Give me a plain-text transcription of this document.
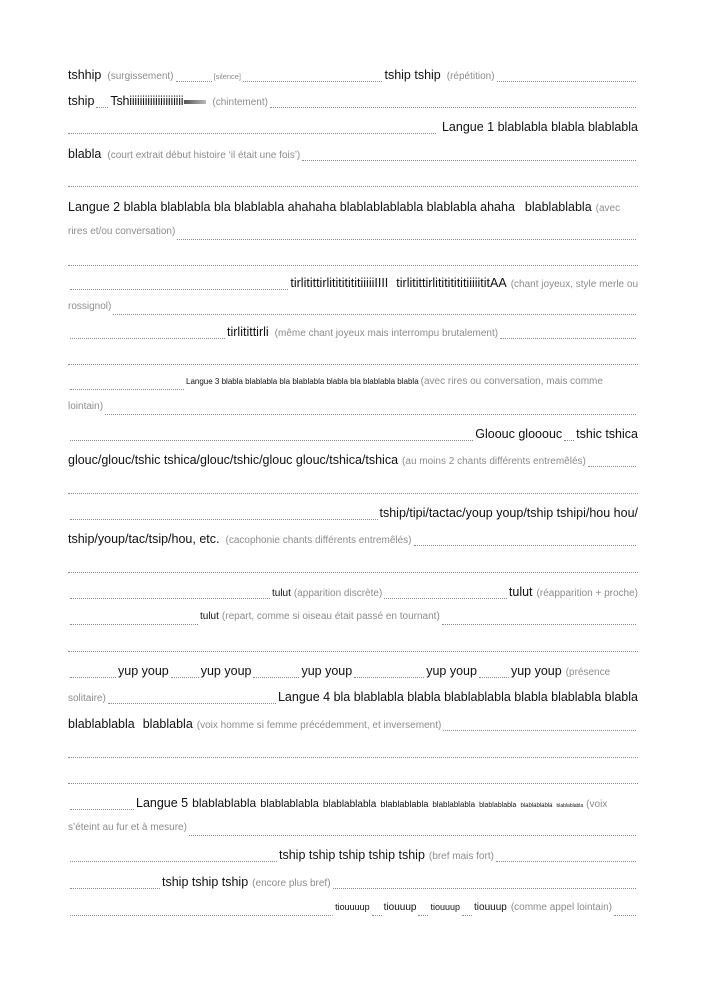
tshhip (surgissement)	[silence]	tship tship (répétition)
tship Tshiiiiiiiiiiiiiiiiiiiii	(chintement)
Langue 1 blablabla blabla blablabla
blabla (court extrait début histoire ‘il était une fois’)
Langue 2 blabla blablabla bla blablabla ahahaha blablablablabla blablabla ahaha blablablabla (avec
rires et/ou conversation)
tirlitittirlitititititiiiiiIIII tirlitittirlitititititiiiiititAA (chant joyeux, style merle ou
rossignol)
tirlitittirli (même chant joyeux mais interrompu brutalement)
Langue 3 blabla blablabla bla blablabla blabla bla blablabla blabla (avec rires ou conversation, mais comme
lointain)
Gloouc glooouc tshic tshica
glouc/glouc/tshic tshica/glouc/tshic/glouc glouc/tshica/tshica (au moins 2 chants différents entremêlés)
tship/tipi/tactac/youp youp/tship tshipi/hou hou/
tship/youp/tac/tsip/hou, etc. (cacophonie chants différents entremêlés)
tulut (apparition discrète)	tulut (réapparition + proche)
tulut (repart, comme si oiseau était passé en tournant)
yup youp	yup youp	yup youp	yup youp	yup youp (présence
solitaire)	Langue 4 bla blablabla blabla blablablabla blabla blablabla blabla
blablablabla blablabla (voix homme si femme précédemment, et inversement)
Langue 5 blablablabla blablablabla blablablabla blablablabla blablablabla blablablabla blablablabla blablablabla (voix
s’éteint au fur et à mesure)
tship tship tship tship tship (bref mais fort)
tship tship tship (encore plus bref)
tiouuuup tiouuup tiouuup tiouuup (comme appel lointain)
